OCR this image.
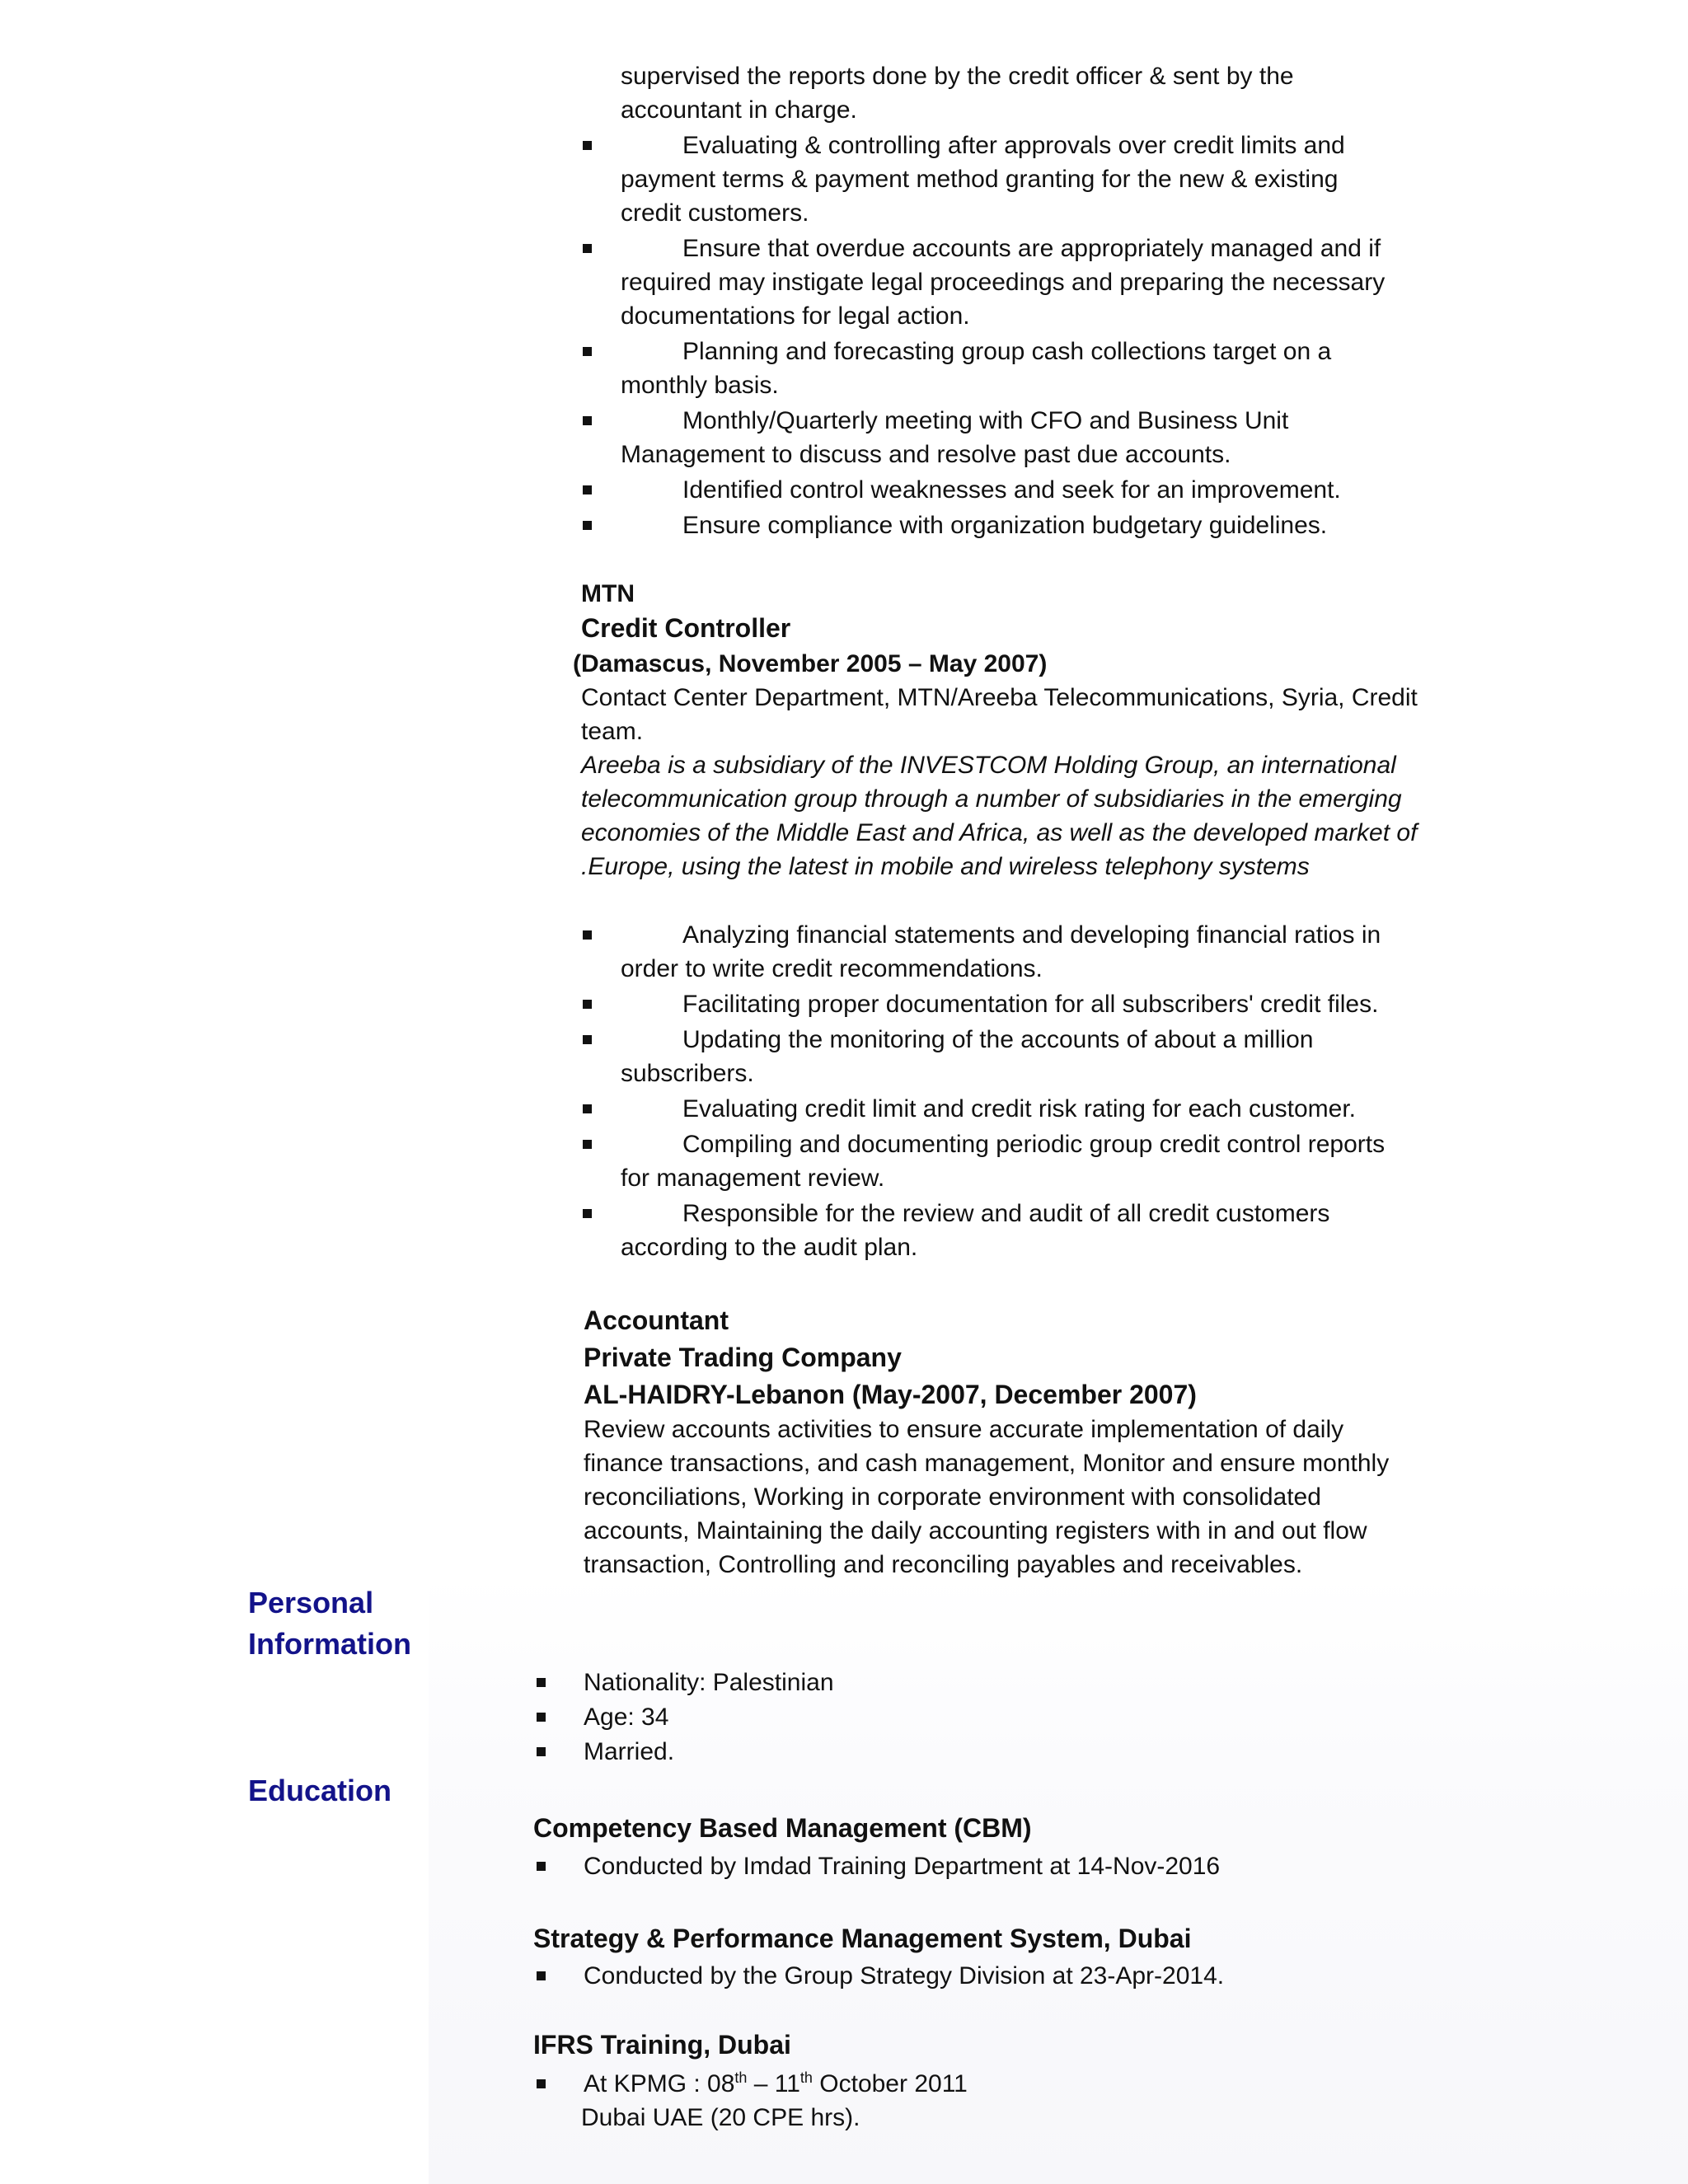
supervised the reports done by the credit officer & sent by the
accountant in charge.
Evaluating & controlling after approvals over credit limits and
payment terms & payment method granting for the new & existing
credit customers.
Ensure that overdue accounts are appropriately managed and if
required may instigate legal proceedings and preparing the necessary
documentations for legal action.
Planning and forecasting group cash collections target on a
monthly basis.
Monthly/Quarterly meeting with CFO and Business Unit
Management to discuss and resolve past due accounts.
Identified control weaknesses and seek for an improvement.
Ensure compliance with organization budgetary guidelines.
MTN
Credit Controller
(Damascus, November 2005 – May 2007)
Contact Center Department, MTN/Areeba Telecommunications, Syria, Credit
team.
Areeba is a subsidiary of the INVESTCOM Holding Group, an international
telecommunication group through a number of subsidiaries in the emerging
economies of the Middle East and Africa, as well as the developed market of
.Europe, using the latest in mobile and wireless telephony systems
Analyzing financial statements and developing financial ratios in
order to write credit recommendations.
Facilitating proper documentation for all subscribers' credit files.
Updating the monitoring of the accounts of about a million
subscribers.
Evaluating credit limit and credit risk rating for each customer.
Compiling and documenting periodic group credit control reports
for management review.
Responsible for the review and audit of all credit customers
according to the audit plan.
Accountant
Private Trading Company
AL-HAIDRY-Lebanon (May-2007, December 2007)
Review accounts activities to ensure accurate implementation of daily
finance transactions, and cash management, Monitor and ensure monthly
reconciliations, Working in corporate environment with consolidated
accounts, Maintaining the daily accounting registers with in and out flow
transaction, Controlling and reconciling payables and receivables.
Personal
Information
Nationality: Palestinian
Age: 34
Married.
Education
Competency Based Management (CBM)
Conducted by Imdad Training Department at 14-Nov-2016
Strategy & Performance Management System, Dubai
Conducted by the Group Strategy Division at 23-Apr-2014.
IFRS Training, Dubai
At KPMG : 08th – 11th October 2011
Dubai UAE (20 CPE hrs).
